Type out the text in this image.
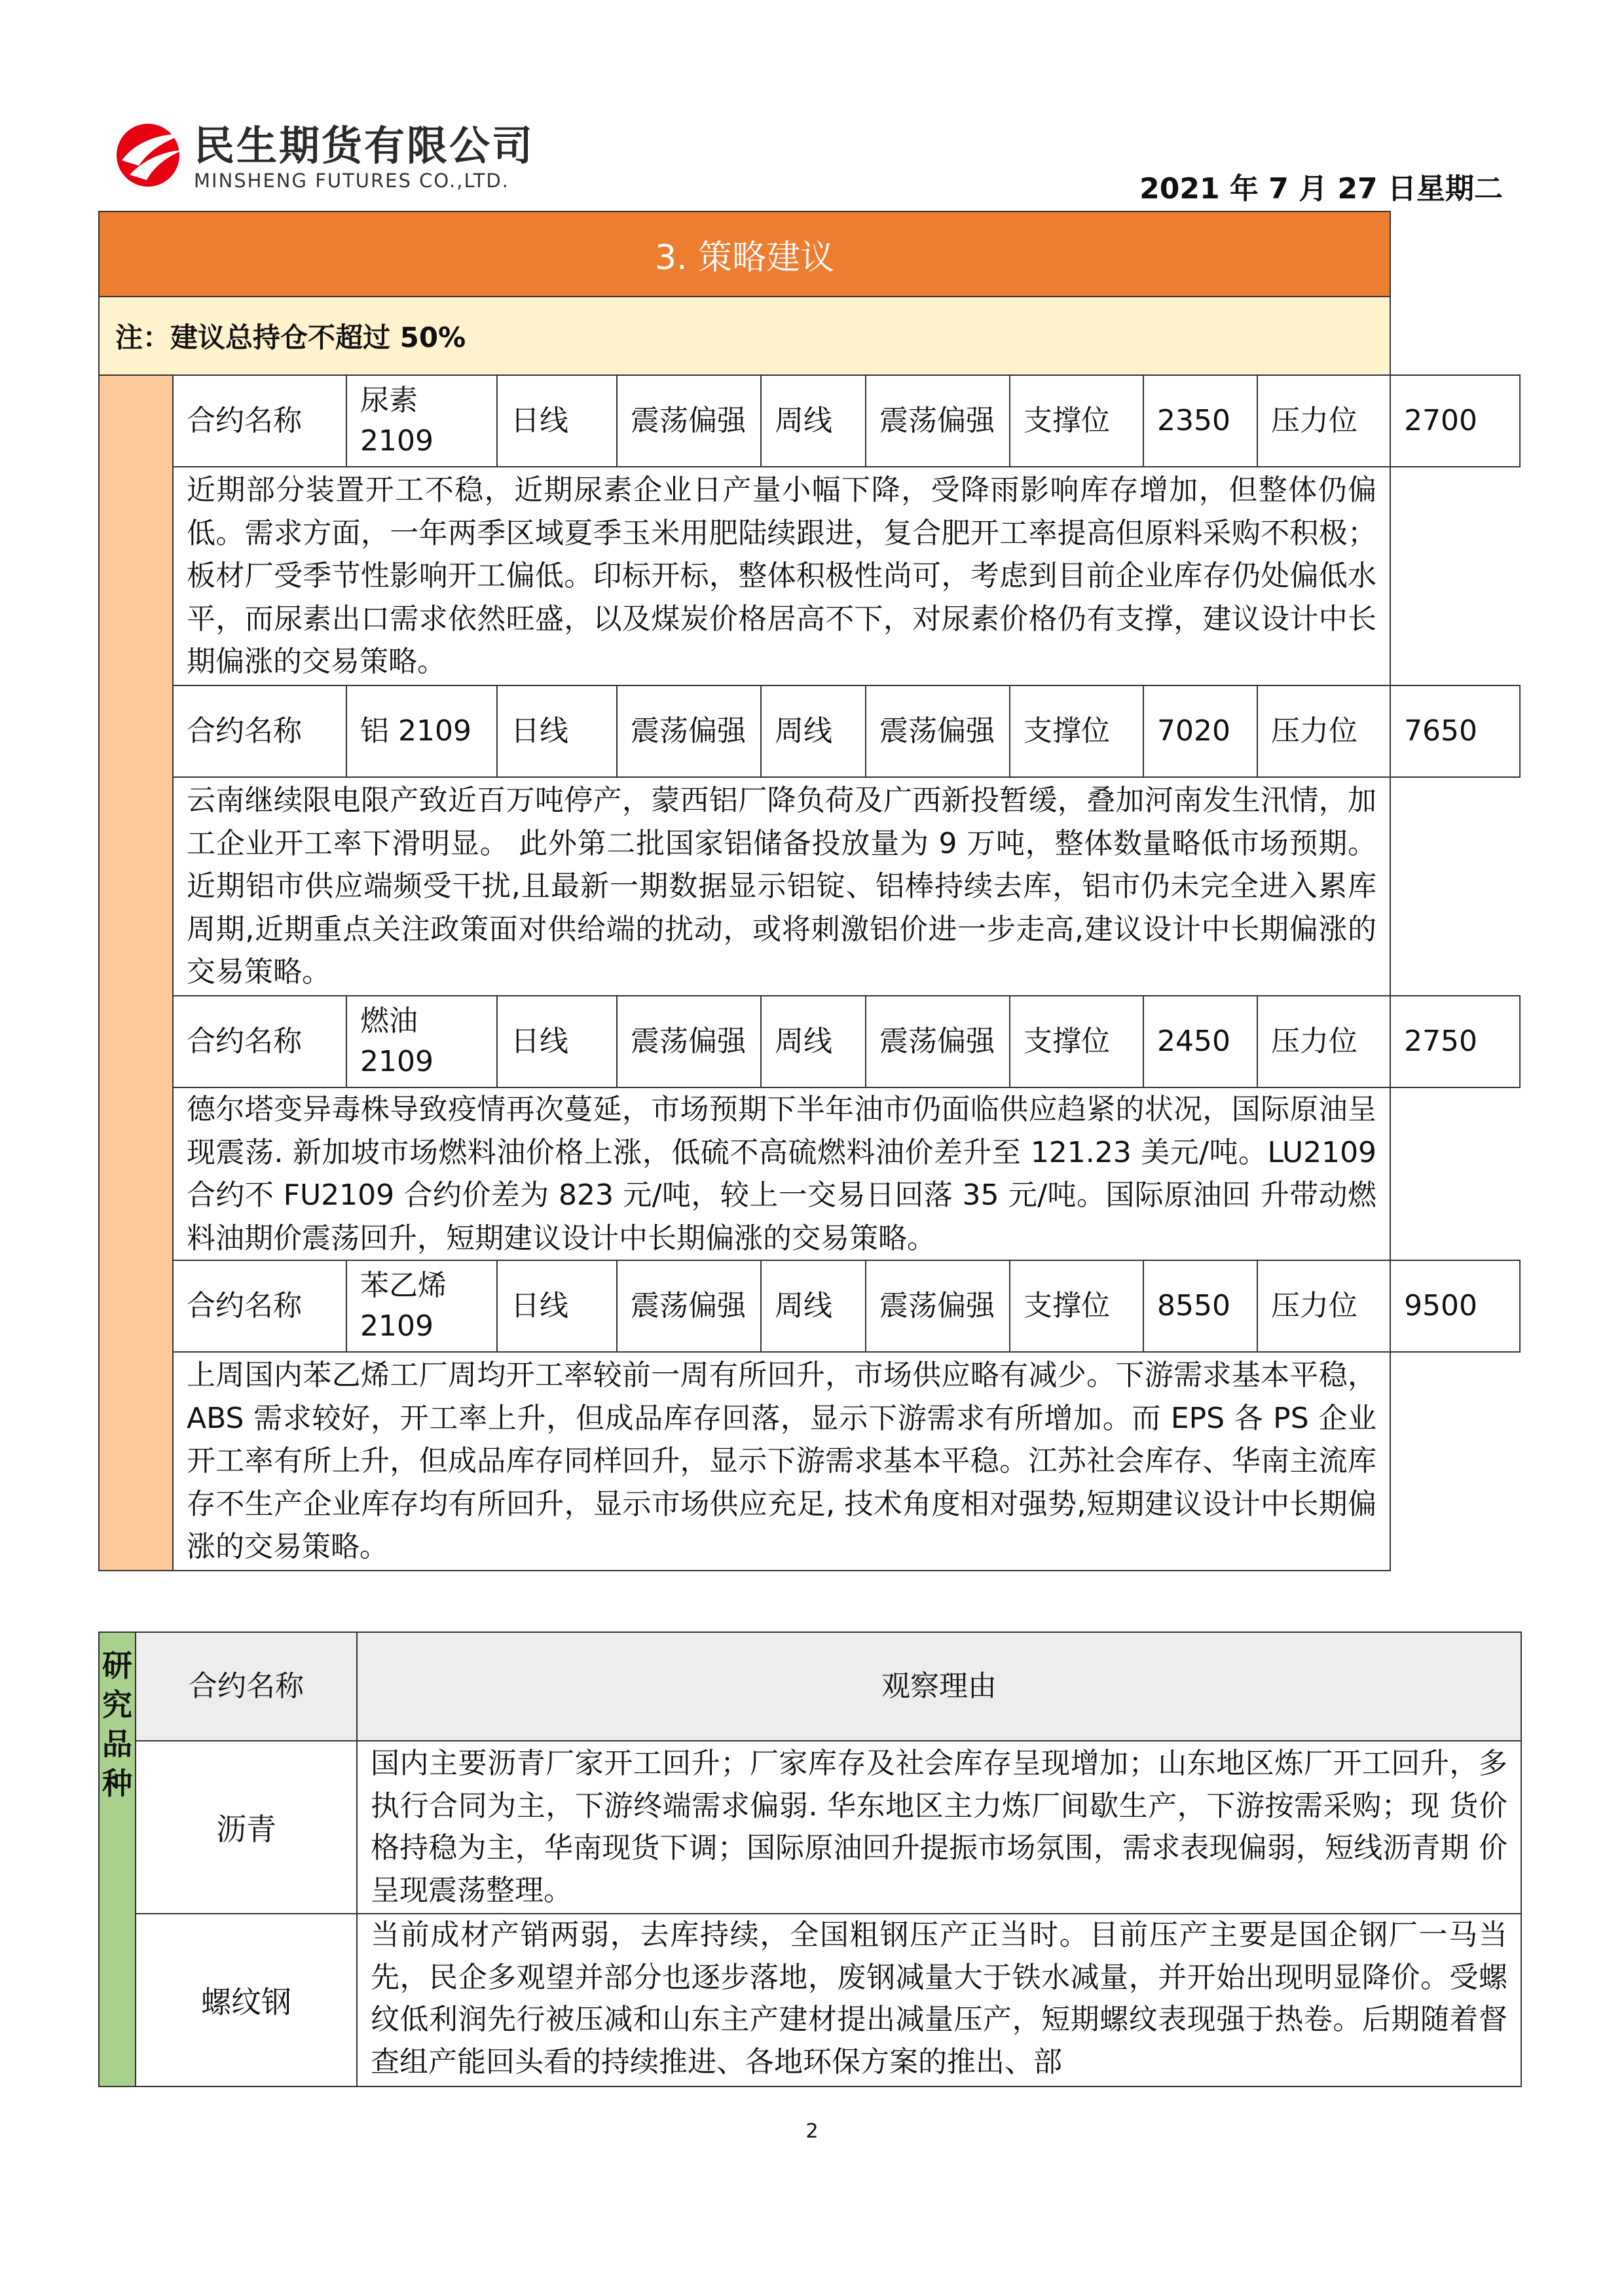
民生期货有限公司
MINSHENG FUTURES CO.,LTD.	2021 年 7 月 27 日星期二
3. 策略建议										
注：建议总持仓不超过 50%										
	合约名称	尿素 2109	日线	震荡偏强	周线	震荡偏强	支撑位	2350	压力位	2700
	近期部分装置开工不稳，近期尿素企业日产量小幅下降，受降雨影响库存增加，但整体仍偏低。需求方面，一年两季区域夏季玉米用肥陆续跟进，复合肥开工率提高但原料采购不积极；板材厂受季节性影响开工偏低。印标开标，整体积极性尚可，考虑到目前企业库存仍处偏低水平，而尿素出口需求依然旺盛，以及煤炭价格居高不下，对尿素价格仍有支撑，建议设计中长期偏涨的交易策略。									
	合约名称	铝 2109	日线	震荡偏强	周线	震荡偏强	支撑位	7020	压力位	7650
	云南继续限电限产致近百万吨停产，蒙西铝厂降负荷及广西新投暂缓，叠加河南发生汛情，加工企业开工率下滑明显。 此外第二批国家铝储备投放量为 9 万吨，整体数量略低市场预期。近期铝市供应端频受干扰,且最新一期数据显示铝锭、铝棒持续去库，铝市仍未完全进入累库周期,近期重点关注政策面对供给端的扰动，或将刺激铝价进一步走高,建议设计中长期偏涨的交易策略。									
	合约名称	燃油 2109	日线	震荡偏强	周线	震荡偏强	支撑位	2450	压力位	2750
	德尔塔变异毒株导致疫情再次蔓延，市场预期下半年油市仍面临供应趋紧的状况，国际原油呈现震荡. 新加坡市场燃料油价格上涨，低硫不高硫燃料油价差升至 121.23 美元/吨。LU2109 合约不 FU2109 合约价差为 823 元/吨，较上一交易日回落 35 元/吨。国际原油回 升带动燃料油期价震荡回升，短期建议设计中长期偏涨的交易策略。									
	合约名称	苯乙烯 2109	日线	震荡偏强	周线	震荡偏强	支撑位	8550	压力位	9500
	上周国内苯乙烯工厂周均开工率较前一周有所回升，市场供应略有减少。下游需求基本平稳，ABS 需求较好，开工率上升，但成品库存回落，显示下游需求有所增加。而 EPS 各 PS 企业开工率有所上升，但成品库存同样回升，显示下游需求基本平稳。江苏社会库存、华南主流库存不生产企业库存均有所回升，显示市场供应充足, 技术角度相对强势,短期建议设计中长期偏涨的交易策略。									
研究品种	合约名称	观察理由
	沥青	国内主要沥青厂家开工回升；厂家库存及社会库存呈现增加；山东地区炼厂开工回升，多执行合同为主，下游终端需求偏弱. 华东地区主力炼厂间歇生产，下游按需采购；现 货价格持稳为主，华南现货下调；国际原油回升提振市场氛围，需求表现偏弱，短线沥青期 价呈现震荡整理。
	螺纹钢	当前成材产销两弱，去库持续，全国粗钢压产正当时。目前压产主要是国企钢厂一马当先，民企多观望并部分也逐步落地，废钢减量大于铁水减量，并开始出现明显降价。受螺纹低利润先行被压减和山东主产建材提出减量压产，短期螺纹表现强于热卷。后期随着督查组产能回头看的持续推进、各地环保方案的推出、部
2
